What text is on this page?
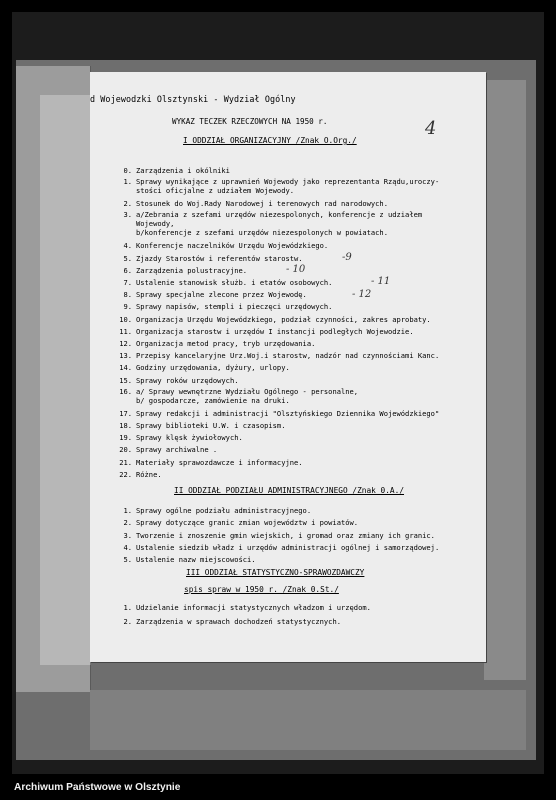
d Wojewodzki Olsztynski - Wydział Ogólny
WYKAZ TECZEK RZECZOWYCH NA 1950 r.	4
I ODDZIAŁ ORGANIZACYJNY /Znak O.Org./
0. Zarządzenia i okólniki
1. Sprawy wynikające z uprawnień Wojewody jako reprezentanta Rządu,uroczy-
stości oficjalne z udziałem Wojewody.
2. Stosunek do Woj.Rady Narodowej i terenowych rad narodowych.
3. a/Zebrania z szefami urzędów niezespolonych, konferencje z udziałem
Wojewody,
b/konferencje z szefami urzędów niezespolonych w powiatach.
4. Konferencje naczelników Urzędu Wojewódzkiego.
5. Zjazdy Starostów i referentów starostw.
6. Zarządzenia polustracyjne.
7. Ustalenie stanowisk służb. i etatów osobowych.
8. Sprawy specjalne zlecone przez Wojewodę.
9. Sprawy napisów, stempli i pieczęci urzędowych.
10. Organizacja Urzędu Wojewódzkiego, podział czynności, zakres aprobaty.
11. Organizacja starostw i urzędów I instancji podległych Wojewodzie.
12. Organizacja metod pracy, tryb urzędowania.
13. Przepisy kancelaryjne Urz.Woj.i starostw, nadzór nad czynnościami Kanc.
14. Godziny urzędowania, dyżury, urlopy.
15. Sprawy roków urzędowych.
16. a/ Sprawy wewnętrzne Wydziału Ogólnego - personalne,
b/ gospodarcze, zamówienie na druki.
17. Sprawy redakcji i administracji "Olsztyńskiego Dziennika Wojewódzkiego"
18. Sprawy biblioteki U.W. i czasopism.
19. Sprawy klęsk żywiołowych.
20. Sprawy archiwalne .
21. Materiały sprawozdawcze i informacyjne.
22. Różne.
-9
- 10
- 11
- 12
II ODDZIAŁ PODZIAŁU ADMINISTRACYJNEGO /Znak 0.A./
1. Sprawy ogólne podziału administracyjnego.
2. Sprawy dotyczące granic zmian województw i powiatów.
3. Tworzenie i znoszenie gmin wiejskich, i gromad oraz zmiany ich granic.
4. Ustalenie siedzib władz i urzędów administracji ogólnej i samorządowej.
5. Ustalenie nazw miejscowości.
III ODDZIAŁ STATYSTYCZNO-SPRAWOZDAWCZY
spis spraw w 1950 r. /Znak 0.St./
1. Udzielanie informacji statystycznych władzom i urzędom.
2. Zarządzenia w sprawach dochodzeń statystycznych.
Archiwum Państwowe w Olsztynie
